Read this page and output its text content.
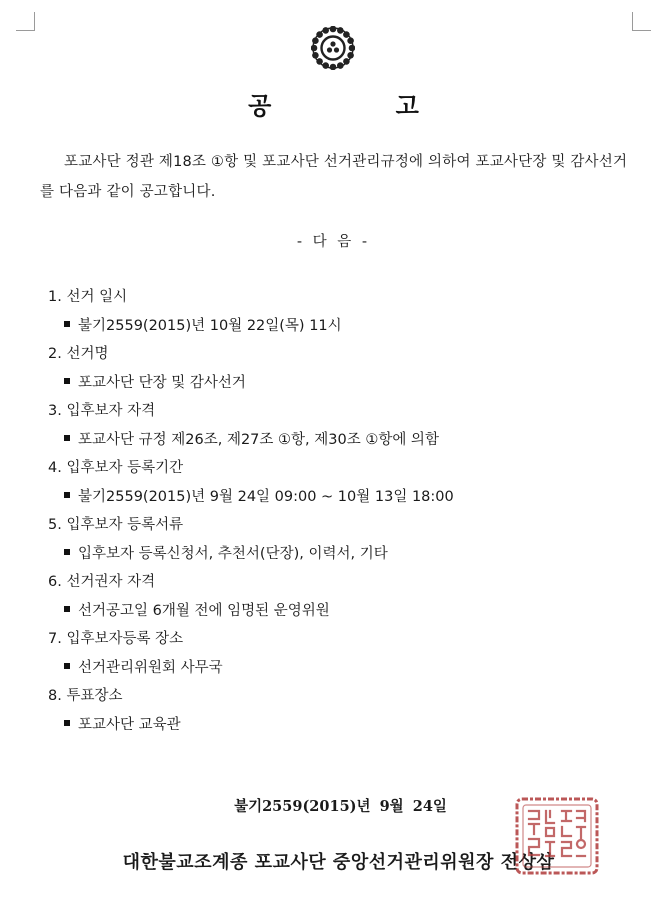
공 고
포교사단 정관 제18조 ①항 및 포교사단 선거관리규정에 의하여 포교사단장 및 감사선거를 다음과 같이 공고합니다.
- 다 음 -
1. 선거 일시
불기2559(2015)년 10월 22일(목) 11시
2. 선거명
포교사단 단장 및 감사선거
3. 입후보자 자격
포교사단 규정 제26조, 제27조 ①항, 제30조 ①항에 의함
4. 입후보자 등록기간
불기2559(2015)년 9월 24일 09:00 ~ 10월 13일 18:00
5. 입후보자 등록서류
입후보자 등록신청서, 추천서(단장), 이력서, 기타
6. 선거권자 자격
선거공고일 6개월 전에 임명된 운영위원
7. 입후보자등록 장소
선거관리위원회 사무국
8. 투표장소
포교사단 교육관
불기2559(2015)년 9월 24일
대한불교조계종 포교사단 중앙선거관리위원장 전상삼
